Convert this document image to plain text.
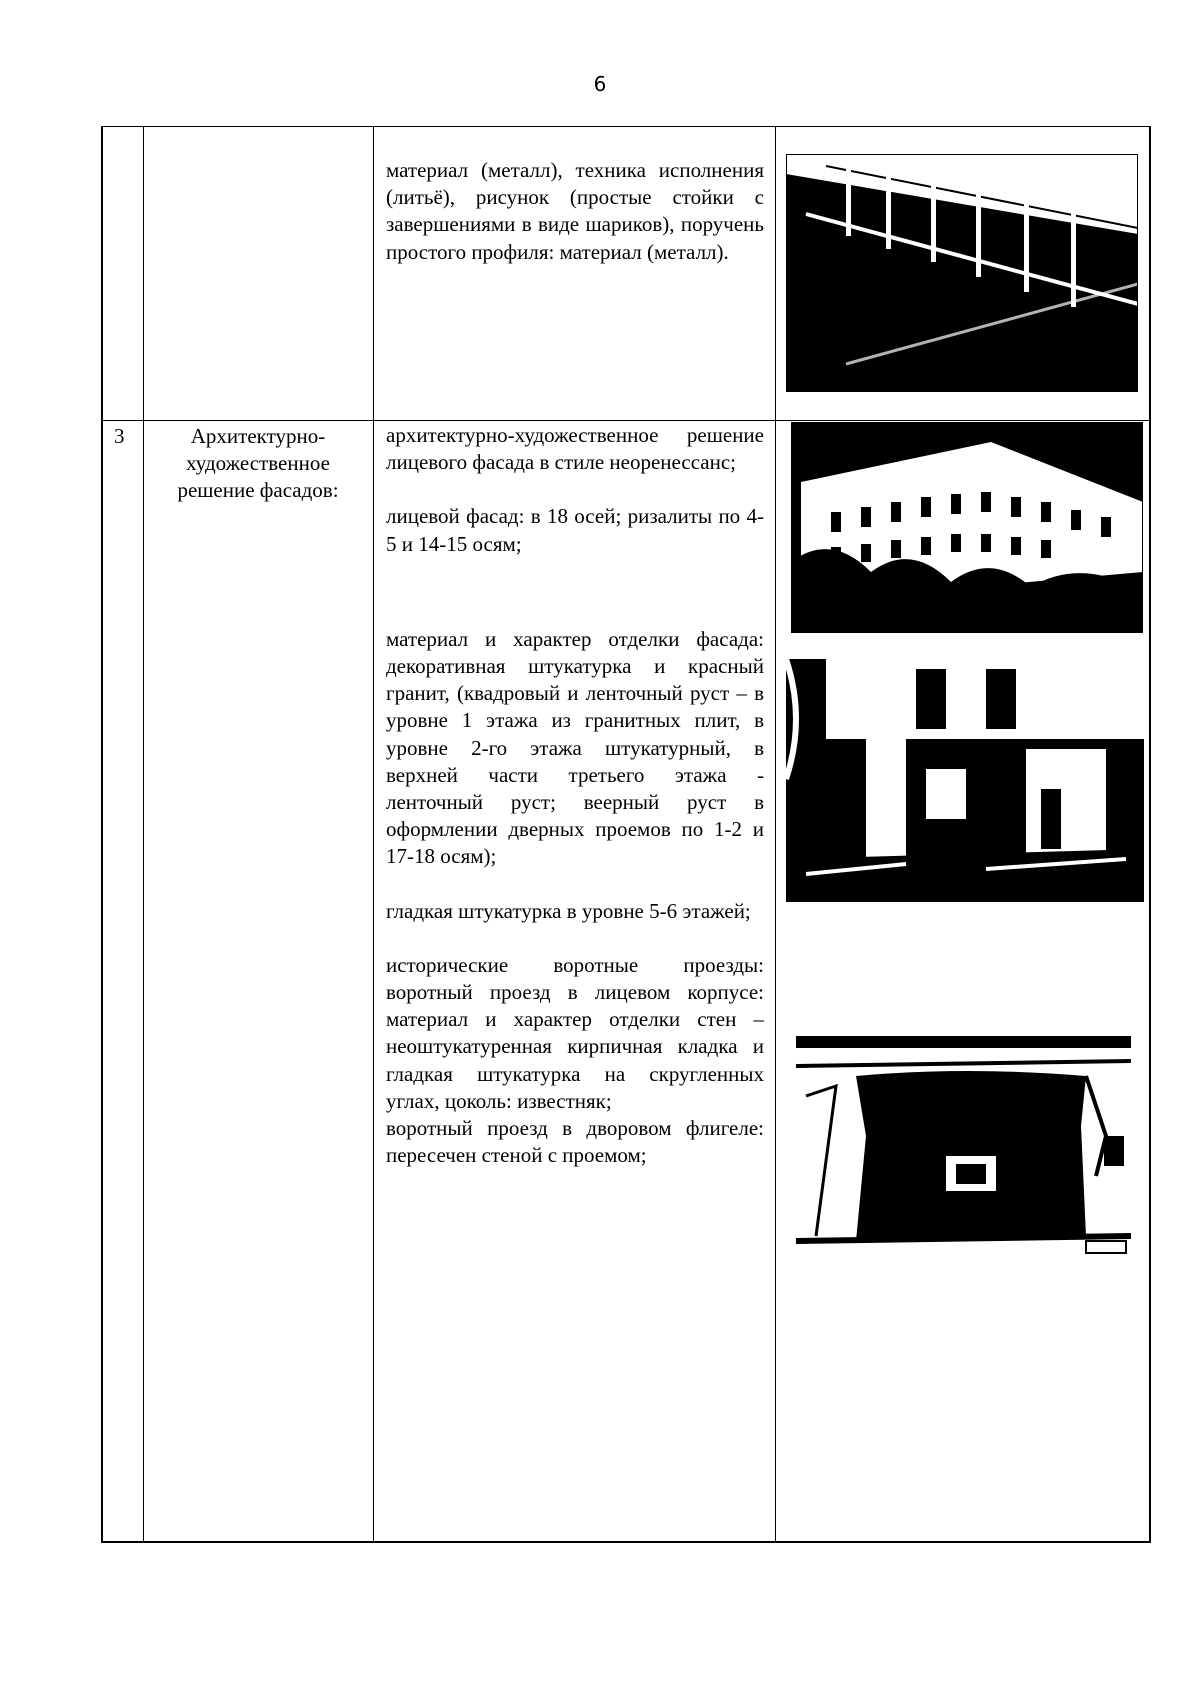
6

материал (металл), техника исполнения (литьё), рисунок (простые стойки с завершениями в виде шариков), поручень простого профиля: материал (металл).

3	Архитектурно-художественное решение фасадов:

архитектурно-художественное решение лицевого фасада в стиле неоренессанс;

лицевой фасад: в 18 осей; ризалиты по 4-5 и 14-15 осям;

материал и характер отделки фасада: декоративная штукатурка и красный гранит, (квадровый и ленточный руст – в уровне 1 этажа из гранитных плит, в уровне 2-го этажа штукатурный, в верхней части третьего этажа - ленточный руст; веерный руст в оформлении дверных проемов по 1-2 и 17-18 осям);

гладкая штукатурка в уровне 5-6 этажей;

исторические воротные проезды: воротный проезд в лицевом корпусе: материал и характер отделки стен – неоштукатуренная кирпичная кладка и гладкая штукатурка на скругленных углах, цоколь: известняк;

воротный проезд в дворовом флигеле: пересечен стеной с проемом;
